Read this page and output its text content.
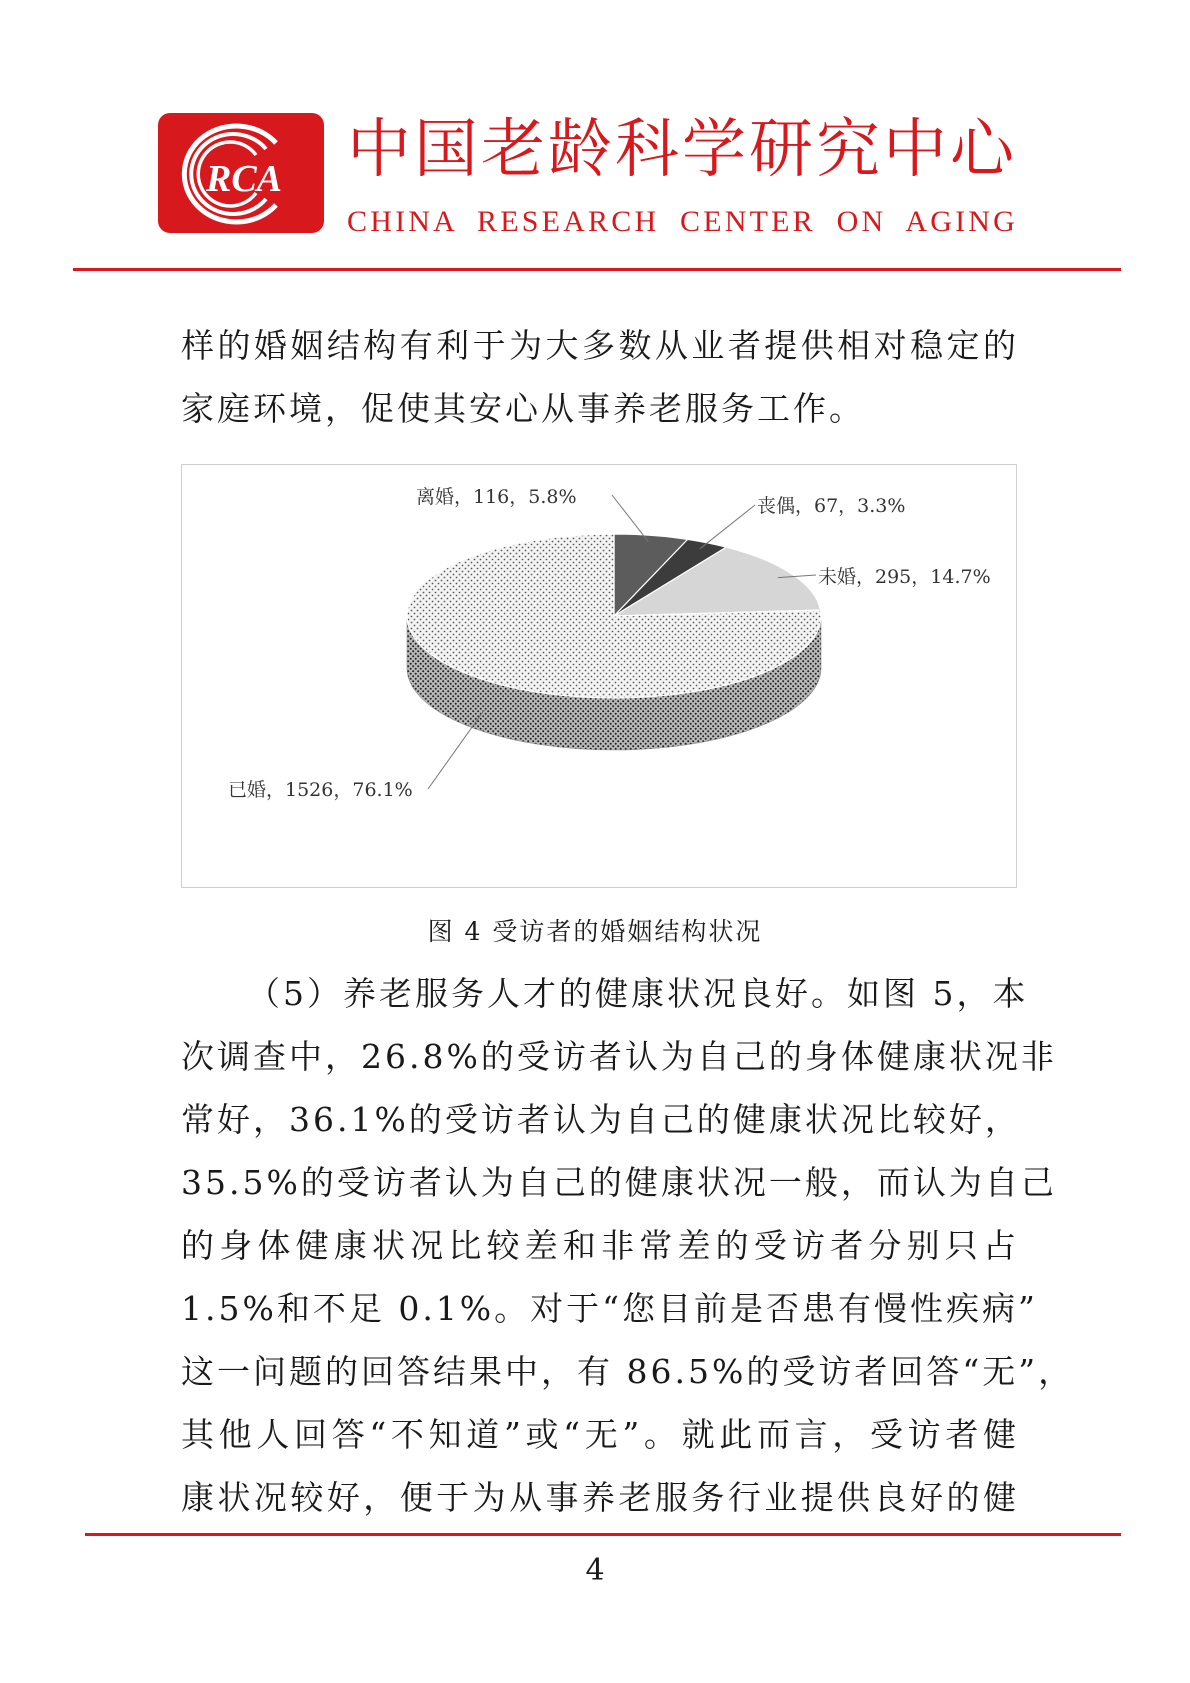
RCA 中国老龄科学研究中心
CHINA RESEARCH CENTER ON AGING
样的婚姻结构有利于为大多数从业者提供相对稳定的
家庭环境，促使其安心从事养老服务工作。
离婚，116，5.8%	丧偶，67，3.3%
未婚，295，14.7%
已婚，1526，76.1%
图 4 受访者的婚姻结构状况
（5）养老服务人才的健康状况良好。如图 5，本
次调查中，26.8%的受访者认为自己的身体健康状况非
常好，36.1%的受访者认为自己的健康状况比较好，
35.5%的受访者认为自己的健康状况一般，而认为自己
的身体健康状况比较差和非常差的受访者分别只占
1.5%和不足 0.1%。对于“您目前是否患有慢性疾病”
这一问题的回答结果中，有 86.5%的受访者回答“无”，
其他人回答“不知道”或“无”。就此而言，受访者健
康状况较好，便于为从事养老服务行业提供良好的健
4
